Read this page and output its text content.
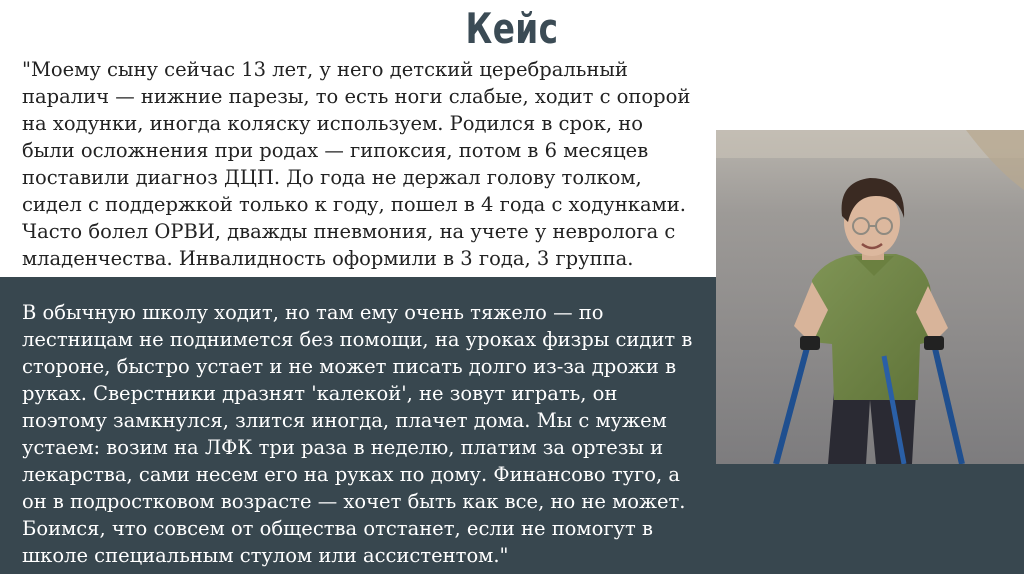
Кейс
"Моему сыну сейчас 13 лет, у него детский церебральный
паралич — нижние парезы, то есть ноги слабые, ходит с опорой
на ходунки, иногда коляску используем. Родился в срок, но
были осложнения при родах — гипоксия, потом в 6 месяцев
поставили диагноз ДЦП. До года не держал голову толком,
сидел с поддержкой только к году, пошел в 4 года с ходунками.
Часто болел ОРВИ, дважды пневмония, на учете у невролога с
младенчества. Инвалидность оформили в 3 года, 3 группа.
В обычную школу ходит, но там ему очень тяжело — по
лестницам не поднимется без помощи, на уроках физры сидит в
стороне, быстро устает и не может писать долго из-за дрожи в
руках. Сверстники дразнят 'калекой', не зовут играть, он
поэтому замкнулся, злится иногда, плачет дома. Мы с мужем
устаем: возим на ЛФК три раза в неделю, платим за ортезы и
лекарства, сами несем его на руках по дому. Финансово туго, а
он в подростковом возрасте — хочет быть как все, но не может.
Боимся, что совсем от общества отстанет, если не помогут в
школе специальным стулом или ассистентом."
